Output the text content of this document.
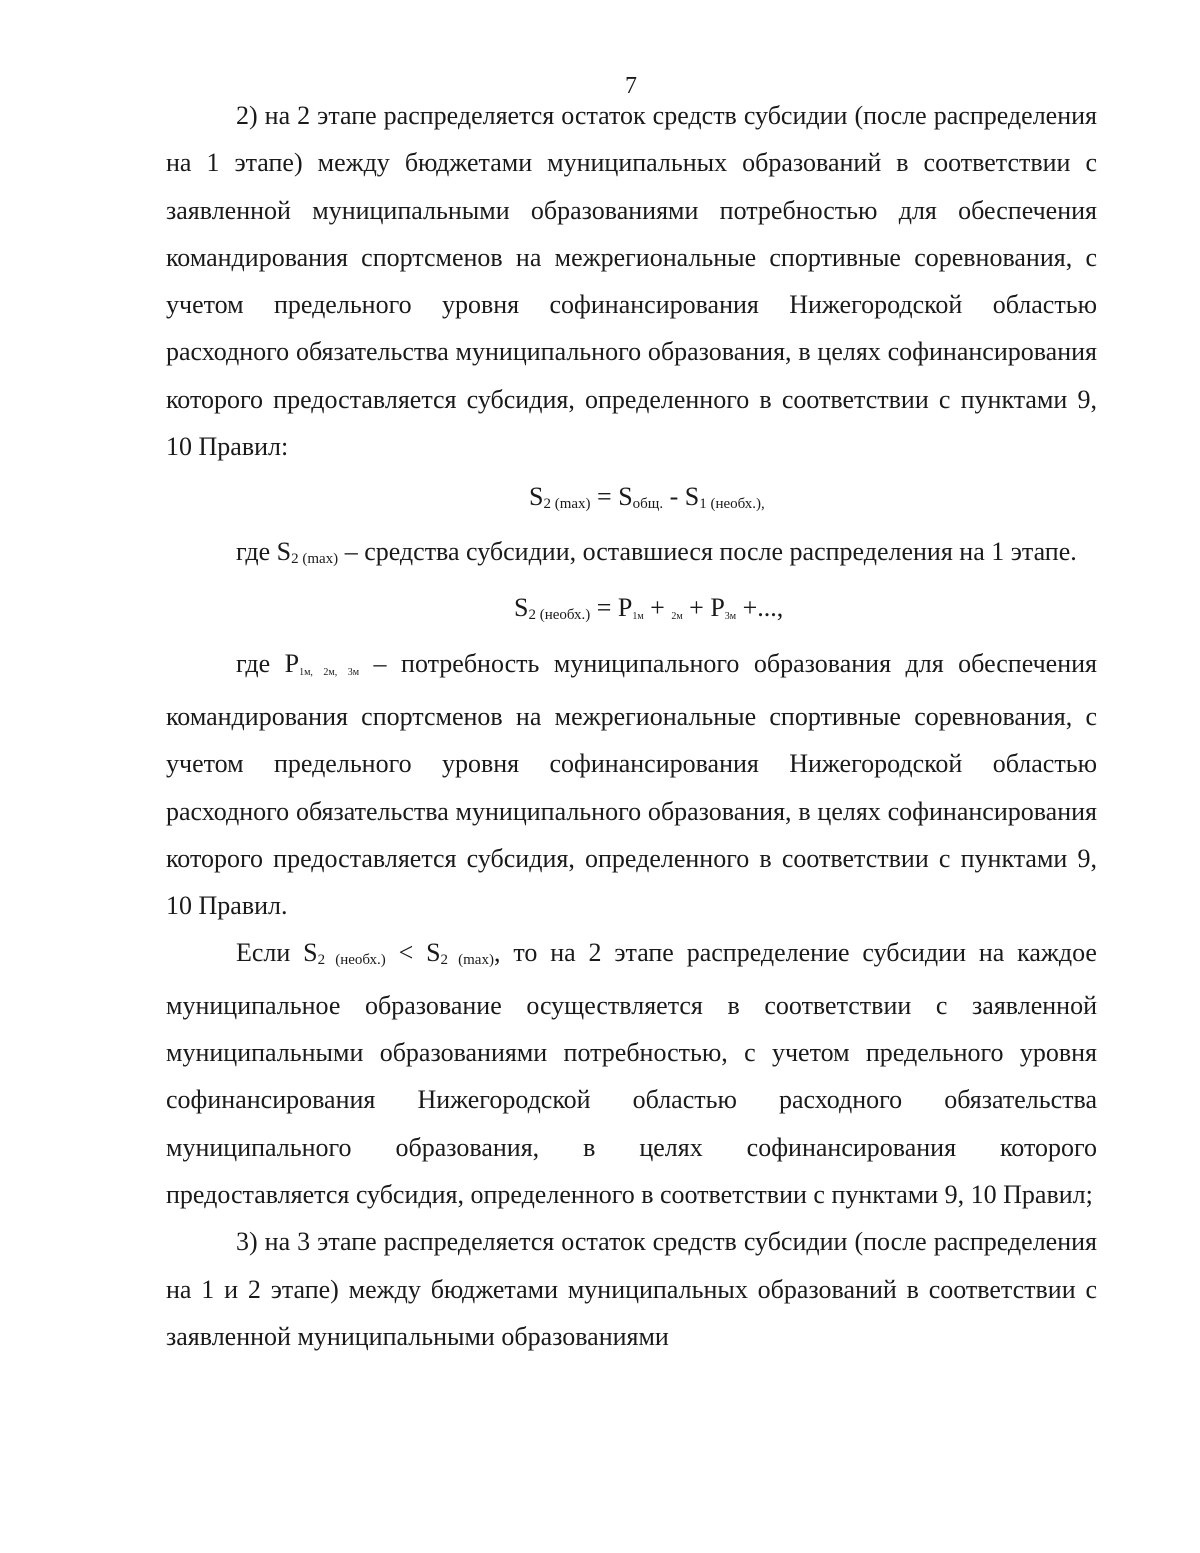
7

2) на 2 этапе распределяется остаток средств субсидии (после распределения на 1 этапе) между бюджетами муниципальных образований в соответствии с заявленной муниципальными образованиями потребностью для обеспечения командирования спортсменов на межрегиональные спортивные соревнования, с учетом предельного уровня софинансирования Нижегородской областью расходного обязательства муниципального образования, в целях софинансирования которого предоставляется субсидия, определенного в соответствии с пунктами 9, 10 Правил:

S2 (max) = Sобщ. - S1 (необх.),

где S2 (max) – средства субсидии, оставшиеся после распределения на 1 этапе.

S2 (необх.) = P1м + 2м + P3м +...,

где P1м, 2м, 3м – потребность муниципального образования для обеспечения командирования спортсменов на межрегиональные спортивные соревнования, с учетом предельного уровня софинансирования Нижегородской областью расходного обязательства муниципального образования, в целях софинансирования которого предоставляется субсидия, определенного в соответствии с пунктами 9, 10 Правил.

Если S2 (необх.) < S2 (max), то на 2 этапе распределение субсидии на каждое муниципальное образование осуществляется в соответствии с заявленной муниципальными образованиями потребностью, с учетом предельного уровня софинансирования Нижегородской областью расходного обязательства муниципального образования, в целях софинансирования которого предоставляется субсидия, определенного в соответствии с пунктами 9, 10 Правил;

3) на 3 этапе распределяется остаток средств субсидии (после распределения на 1 и 2 этапе) между бюджетами муниципальных образований в соответствии с заявленной муниципальными образованиями
